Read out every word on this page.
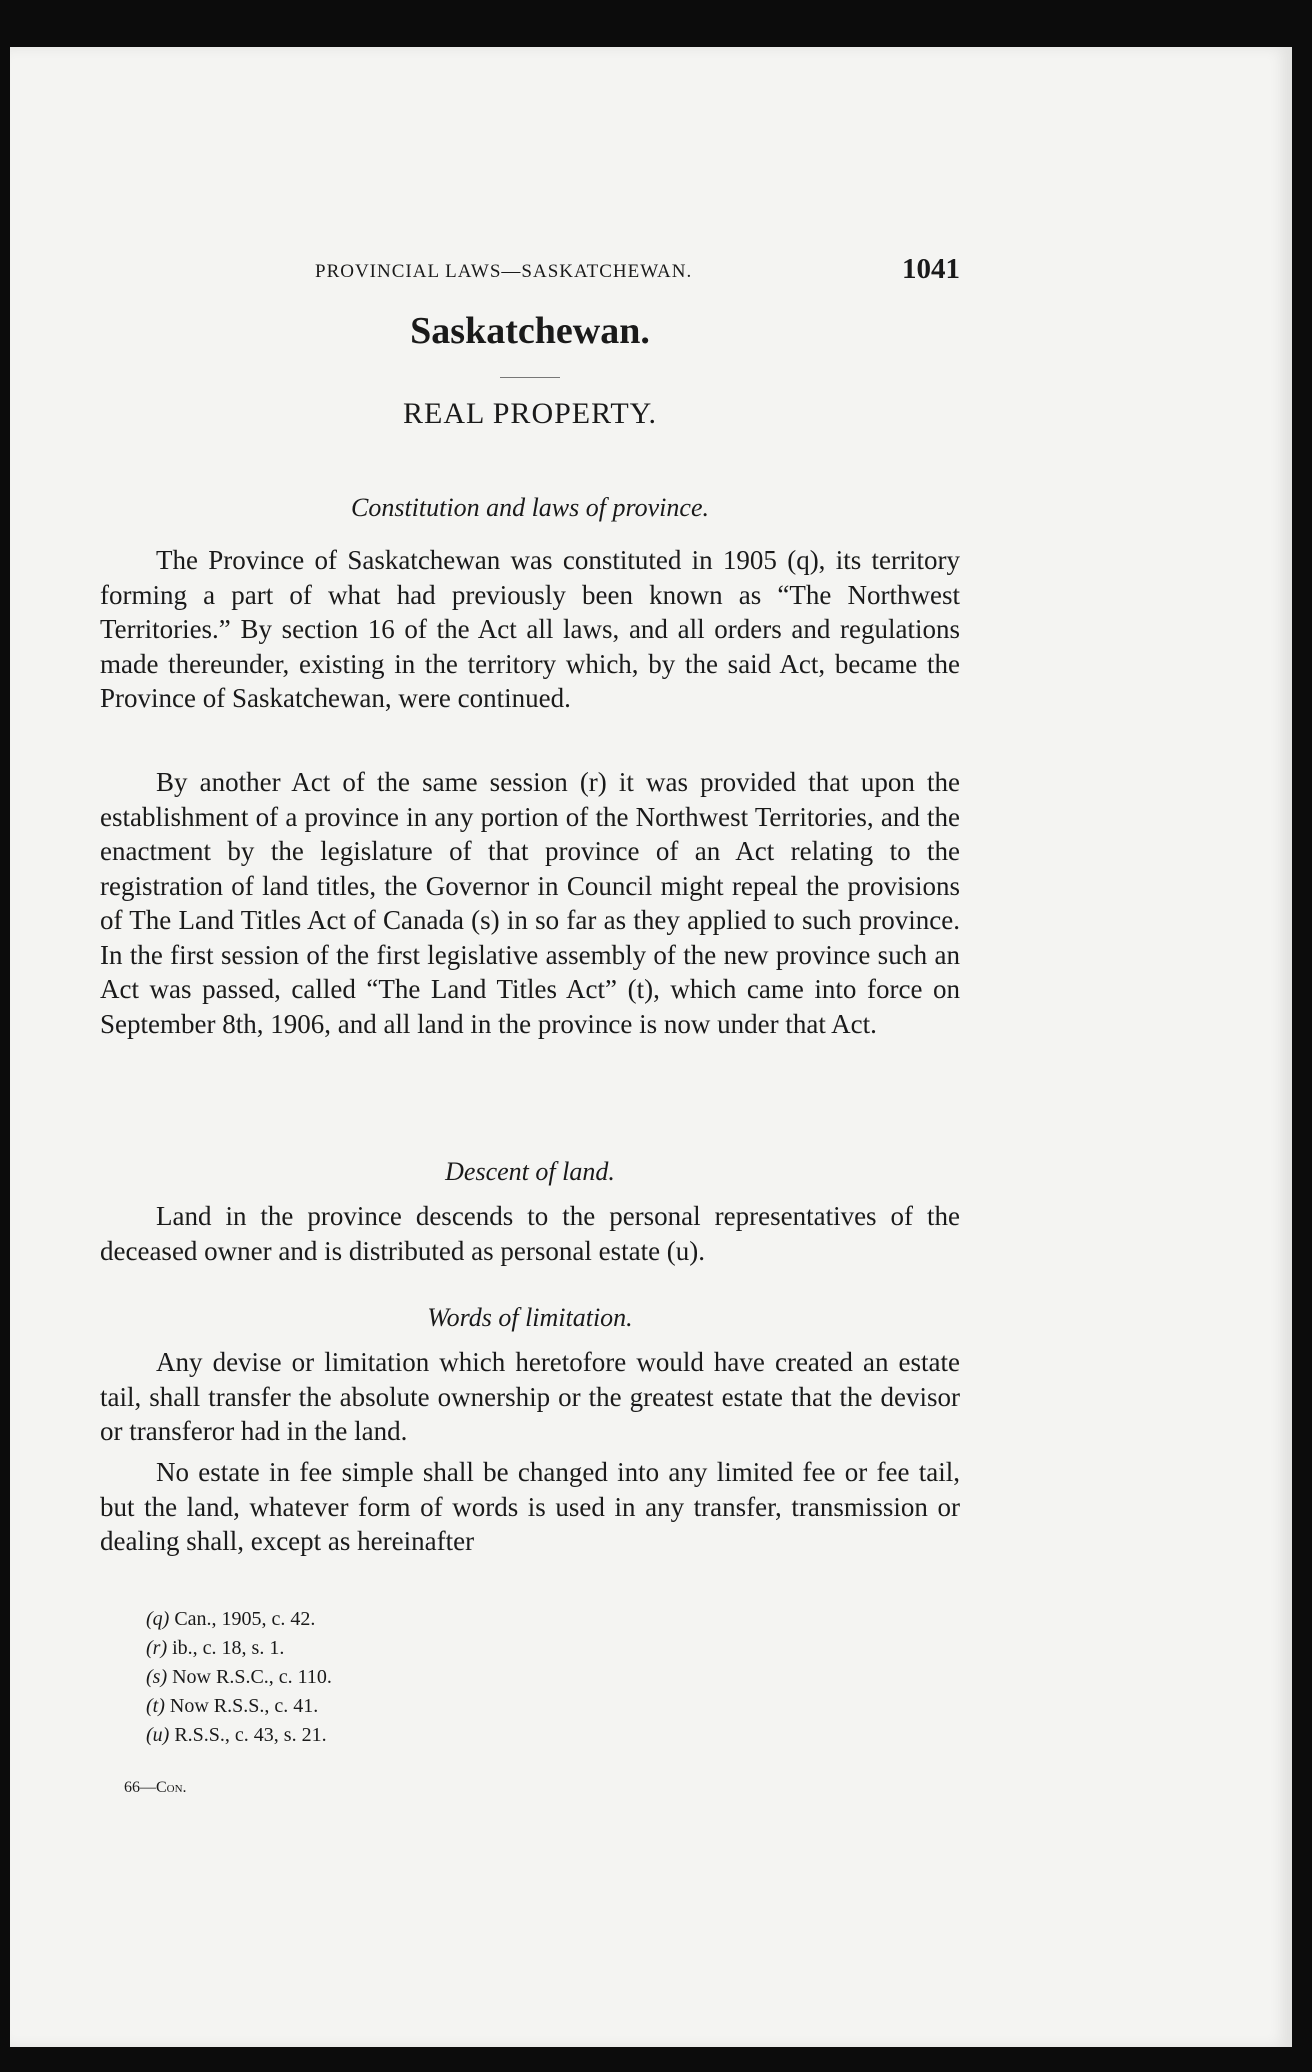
PROVINCIAL LAWS—SASKATCHEWAN.	1041
Saskatchewan.
REAL PROPERTY.
Constitution and laws of province.

The Province of Saskatchewan was constituted in 1905 (q), its territory forming a part of what had previously been known as “The Northwest Territories.” By section 16 of the Act all laws, and all orders and regulations made thereunder, existing in the territory which, by the said Act, became the Province of Saskatchewan, were continued.

By another Act of the same session (r) it was provided that upon the establishment of a province in any portion of the Northwest Territories, and the enactment by the legislature of that province of an Act relating to the registration of land titles, the Governor in Council might repeal the provisions of The Land Titles Act of Canada (s) in so far as they applied to such province. In the first session of the first legislative assembly of the new province such an Act was passed, called “The Land Titles Act” (t), which came into force on September 8th, 1906, and all land in the province is now under that Act.

Descent of land.

Land in the province descends to the personal representatives of the deceased owner and is distributed as personal estate (u).

Words of limitation.

Any devise or limitation which heretofore would have created an estate tail, shall transfer the absolute ownership or the greatest estate that the devisor or transferor had in the land.

No estate in fee simple shall be changed into any limited fee or fee tail, but the land, whatever form of words is used in any transfer, transmission or dealing shall, except as hereinafter

(q) Can., 1905, c. 42.
(r) ib., c. 18, s. 1.
(s) Now R.S.C., c. 110.
(t) Now R.S.S., c. 41.
(u) R.S.S., c. 43, s. 21.
66—Con.
